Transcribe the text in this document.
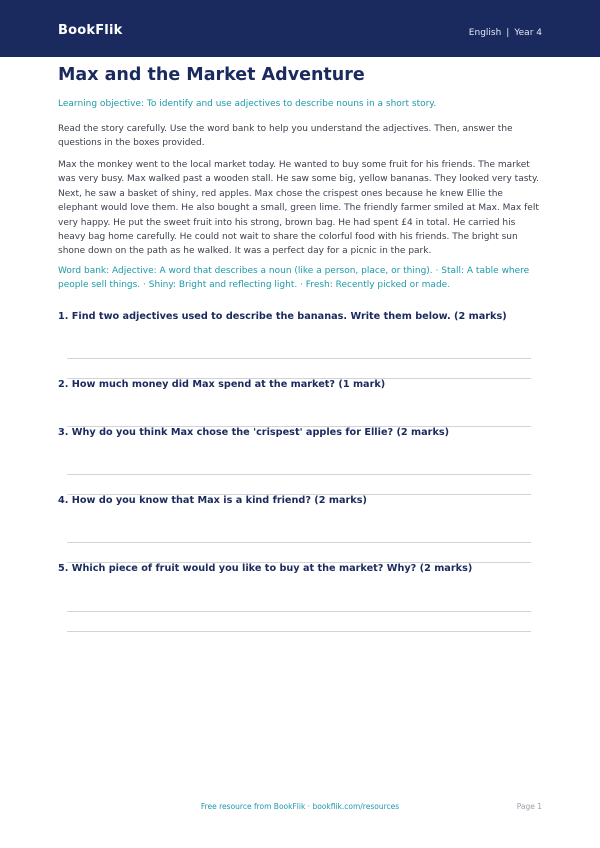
BookFlik	English | Year 4
Max and the Market Adventure

Learning objective: To identify and use adjectives to describe nouns in a short story.

Read the story carefully. Use the word bank to help you understand the adjectives. Then, answer the questions in the boxes provided.

Max the monkey went to the local market today. He wanted to buy some fruit for his friends. The market was very busy. Max walked past a wooden stall. He saw some big, yellow bananas. They looked very tasty. Next, he saw a basket of shiny, red apples. Max chose the crispest ones because he knew Ellie the elephant would love them. He also bought a small, green lime. The friendly farmer smiled at Max. Max felt very happy. He put the sweet fruit into his strong, brown bag. He had spent £4 in total. He carried his heavy bag home carefully. He could not wait to share the colorful food with his friends. The bright sun shone down on the path as he walked. It was a perfect day for a picnic in the park.

Word bank: Adjective: A word that describes a noun (like a person, place, or thing). · Stall: A table where people sell things. · Shiny: Bright and reflecting light. · Fresh: Recently picked or made.

1. Find two adjectives used to describe the bananas. Write them below. (2 marks)

2. How much money did Max spend at the market? (1 mark)

3. Why do you think Max chose the 'crispest' apples for Ellie? (2 marks)

4. How do you know that Max is a kind friend? (2 marks)

5. Which piece of fruit would you like to buy at the market? Why? (2 marks)

Free resource from BookFlik · bookflik.com/resources	Page 1
